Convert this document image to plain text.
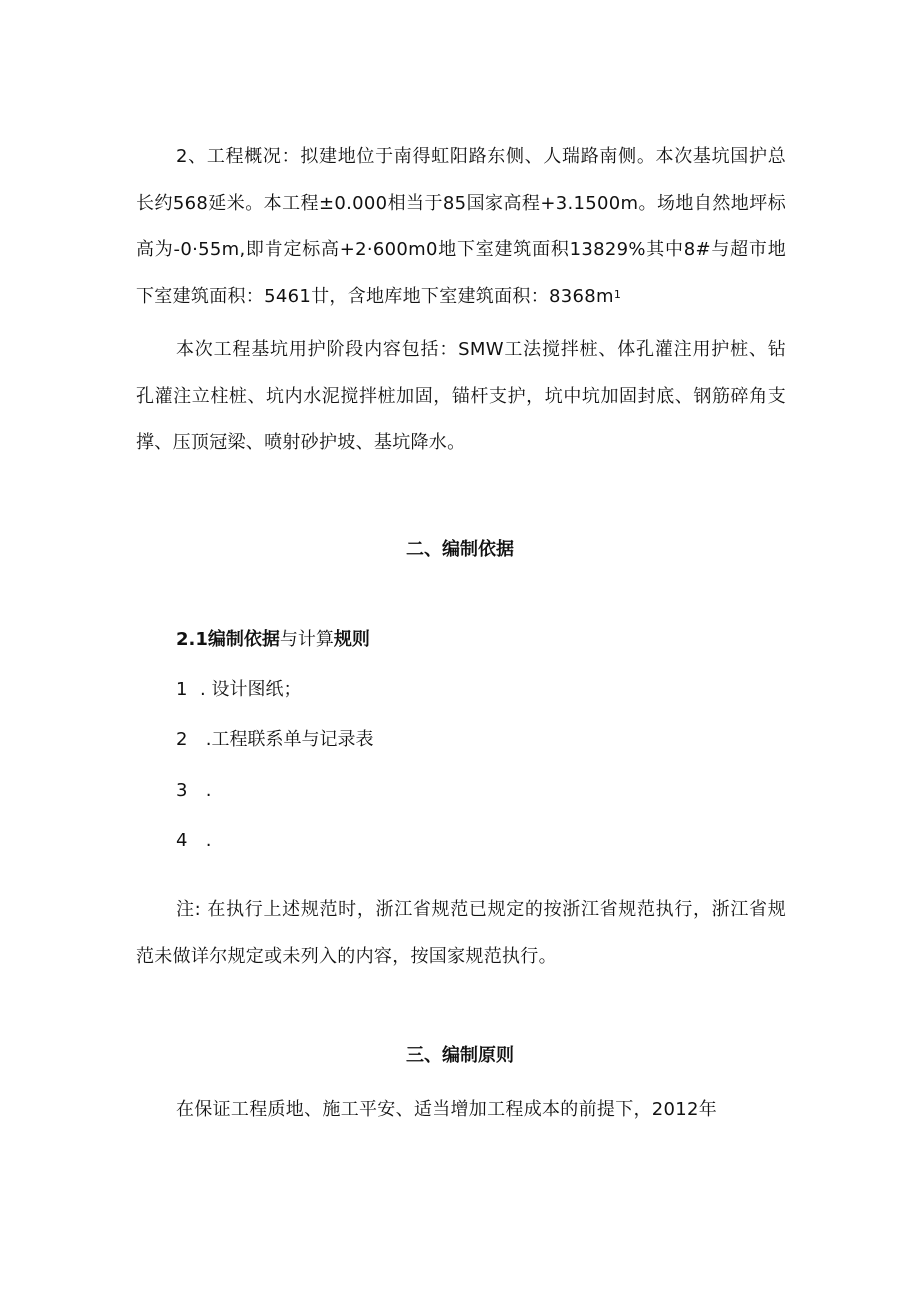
2、工程概况：拟建地位于南得虹阳路东侧、人瑞路南侧。本次基坑国护总长约568延米。本工程±0.000相当于85国家高程+3.1500m。场地自然地坪标高为-0·55m,即肯定标高+2·600m0地下室建筑面积13829%其中8#与超市地下室建筑面积：5461廿，含地库地下室建筑面积：$8368m^1$

本次工程基坑用护阶段内容包括：SMW工法搅拌桩、体孔灌注用护桩、钻孔灌注立柱桩、坑内水泥搅拌桩加固，锚杆支护，坑中坑加固封底、钢筋碎角支撑、压顶冠梁、喷射砂护坡、基坑降水。

二、编制依据
2.1编制依据与计算规则
1 . 设计图纸；
2 .工程联系单与记录表
3 .
4 .

注: 在执行上述规范时，浙江省规范已规定的按浙江省规范执行，浙江省规范未做详尔规定或未列入的内容，按国家规范执行。

三、编制原则

在保证工程质地、施工平安、适当增加工程成本的前提下，2012年
